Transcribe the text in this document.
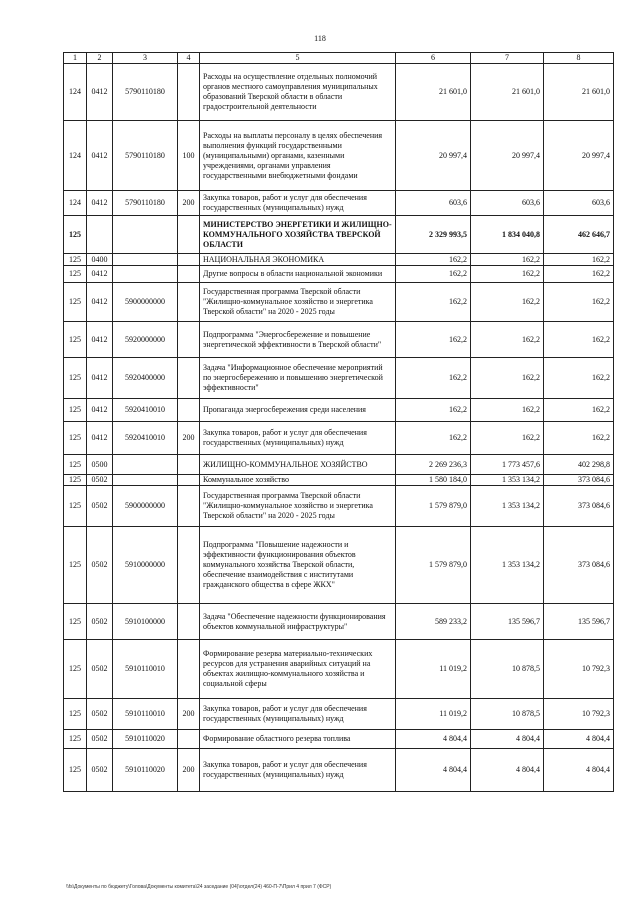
118
1	2	3	4	5	6	7	8
124	0412	5790110180		Расходы на осуществление отдельных полномочий органов местного самоуправления муниципальных образований Тверской области в области градостроительной деятельности	21 601,0	21 601,0	21 601,0
124	0412	5790110180	100	Расходы на выплаты персоналу в целях обеспечения выполнения функций государственными (муниципальными) органами, казенными учреждениями, органами управления государственными внебюджетными фондами	20 997,4	20 997,4	20 997,4
124	0412	5790110180	200	Закупка товаров, работ и услуг для обеспечения государственных (муниципальных) нужд	603,6	603,6	603,6
125				МИНИСТЕРСТВО ЭНЕРГЕТИКИ И ЖИЛИЩНО-КОММУНАЛЬНОГО ХОЗЯЙСТВА ТВЕРСКОЙ ОБЛАСТИ	2 329 993,5	1 834 040,8	462 646,7
125	0400			НАЦИОНАЛЬНАЯ ЭКОНОМИКА	162,2	162,2	162,2
125	0412			Другие вопросы в области национальной экономики	162,2	162,2	162,2
125	0412	5900000000		Государственная программа Тверской области "Жилищно-коммунальное хозяйство и энергетика Тверской области" на 2020 - 2025 годы	162,2	162,2	162,2
125	0412	5920000000		Подпрограмма "Энергосбережение и повышение энергетической эффективности в Тверской области"	162,2	162,2	162,2
125	0412	5920400000		Задача "Информационное обеспечение мероприятий по энергосбережению и повышению энергетической эффективности"	162,2	162,2	162,2
125	0412	5920410010		Пропаганда энергосбережения среди населения	162,2	162,2	162,2
125	0412	5920410010	200	Закупка товаров, работ и услуг для обеспечения государственных (муниципальных) нужд	162,2	162,2	162,2
125	0500			ЖИЛИЩНО-КОММУНАЛЬНОЕ ХОЗЯЙСТВО	2 269 236,3	1 773 457,6	402 298,8
125	0502			Коммунальное хозяйство	1 580 184,0	1 353 134,2	373 084,6
125	0502	5900000000		Государственная программа Тверской области "Жилищно-коммунальное хозяйство и энергетика Тверской области" на 2020 - 2025 годы	1 579 879,0	1 353 134,2	373 084,6
125	0502	5910000000		Подпрограмма "Повышение надежности и эффективности функционирования объектов коммунального хозяйства Тверской области, обеспечение взаимодействия с институтами гражданского общества в сфере ЖКХ"	1 579 879,0	1 353 134,2	373 084,6
125	0502	5910100000		Задача "Обеспечение надежности функционирования объектов коммунальной инфраструктуры"	589 233,2	135 596,7	135 596,7
125	0502	5910110010		Формирование резерва материально-технических ресурсов для устранения аварийных ситуаций на объектах жилищно-коммунального хозяйства и социальной сферы	11 019,2	10 878,5	10 792,3
125	0502	5910110010	200	Закупка товаров, работ и услуг для обеспечения государственных (муниципальных) нужд	11 019,2	10 878,5	10 792,3
125	0502	5910110020		Формирование областного резерва топлива	4 804,4	4 804,4	4 804,4
125	0502	5910110020	200	Закупка товаров, работ и услуг для обеспечения государственных (муниципальных) нужд	4 804,4	4 804,4	4 804,4
\\fs\Документы по бюджету\Голова\Документы комитета\24 заседание (04)\отдел(24) 460-П-7\Прил 4 прил 7 (ФСР)
